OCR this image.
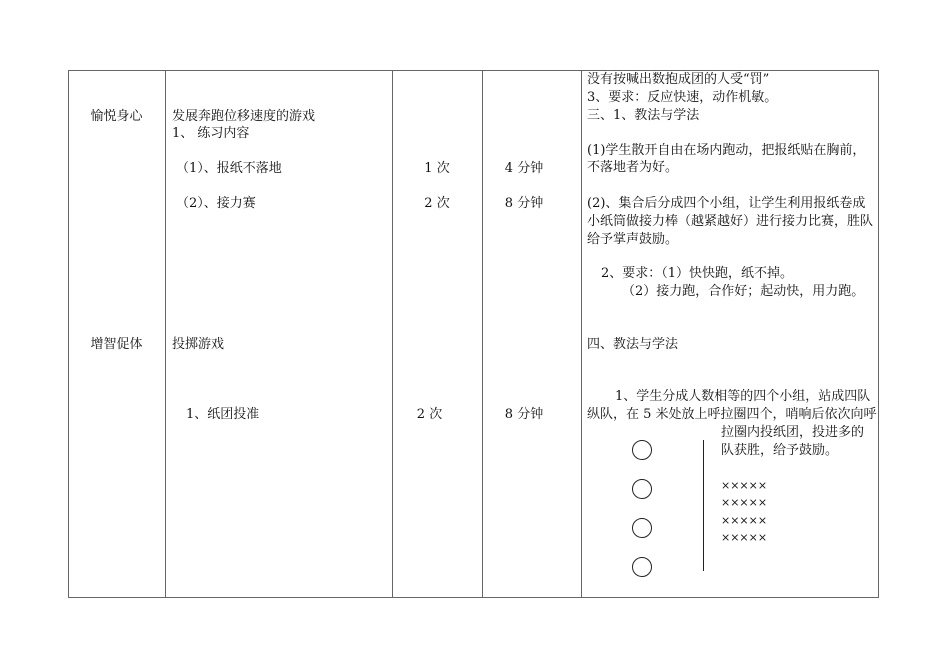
愉悦身心
增智促体
发展奔跑位移速度的游戏
1、 练习内容
（1）、报纸不落地
（2）、接力赛
投掷游戏
1、纸团投准
1 次
2 次
2 次
4 分钟
8 分钟
8 分钟
没有按喊出数抱成团的人受“罚”
3、要求：反应快速，动作机敏。
三、1、教法与学法
(1)学生散开自由在场内跑动，把报纸贴在胸前，
不落地者为好。
(2)、集合后分成四个小组，让学生利用报纸卷成
小纸筒做接力棒（越紧越好）进行接力比赛，胜队
给予掌声鼓励。
2、要求：（1）快快跑，纸不掉。
（2）接力跑，合作好；起动快，用力跑。
四、教法与学法
1、学生分成人数相等的四个小组，站成四队
纵队，在 5 米处放上呼拉圈四个，哨响后依次向呼
拉圈内投纸团，投进多的
队获胜，给予鼓励。
×××××
×××××
×××××
×××××
